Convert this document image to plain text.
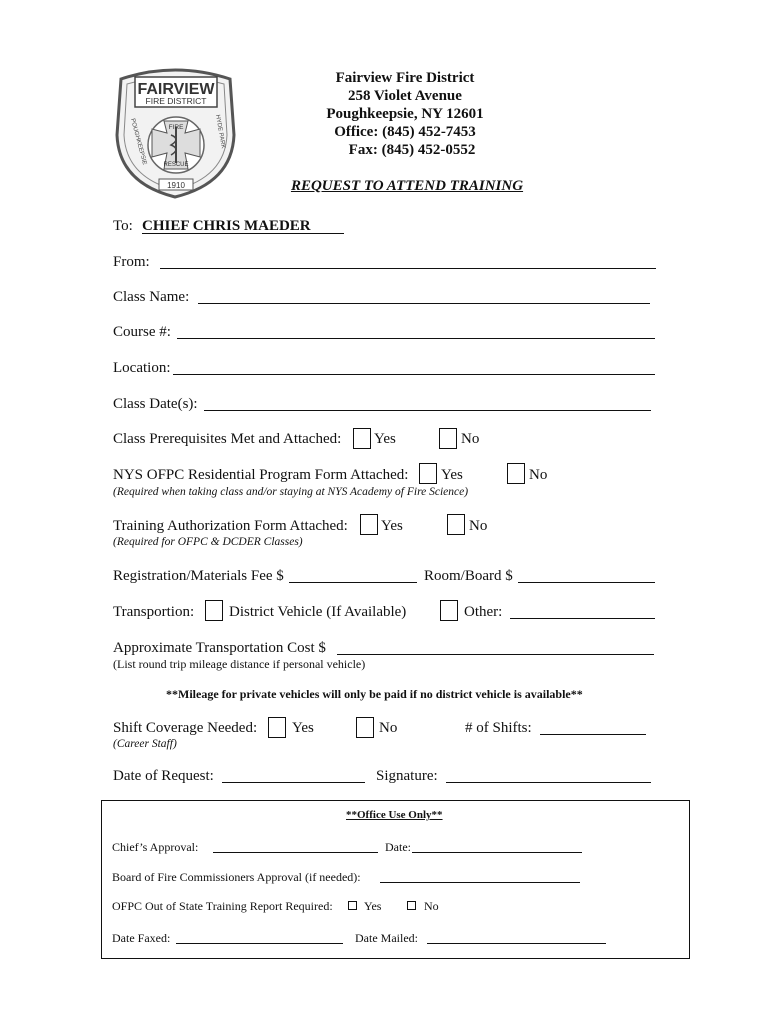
FAIRVIEW
FIRE DISTRICT
FIRE
RESCUE
POUGHKEEPSIE	HYDE PARK
1910
Fairview Fire District
258 Violet Avenue
Poughkeepsie, NY 12601
Office: (845) 452-7453
Fax: (845) 452-0552
REQUEST TO ATTEND TRAINING
To: CHIEF CHRIS MAEDER
From:
Class Name:
Course #:
Location:
Class Date(s):
Class Prerequisites Met and Attached: Yes	No
NYS OFPC Residential Program Form Attached: Yes	No
(Required when taking class and/or staying at NYS Academy of Fire Science)
Training Authorization Form Attached: Yes	No
(Required for OFPC & DCDER Classes)
Registration/Materials Fee $	Room/Board $
Transportion: District Vehicle (If Available)	Other:
Approximate Transportation Cost $
(List round trip mileage distance if personal vehicle)
**Mileage for private vehicles will only be paid if no district vehicle is available**
Shift Coverage Needed: Yes	No	# of Shifts:
(Career Staff)
Date of Request:	Signature:
**Office Use Only**
Chief’s Approval:	Date:
Board of Fire Commissioners Approval (if needed):
OFPC Out of State Training Report Required:	Yes	No
Date Faxed:	Date Mailed:
